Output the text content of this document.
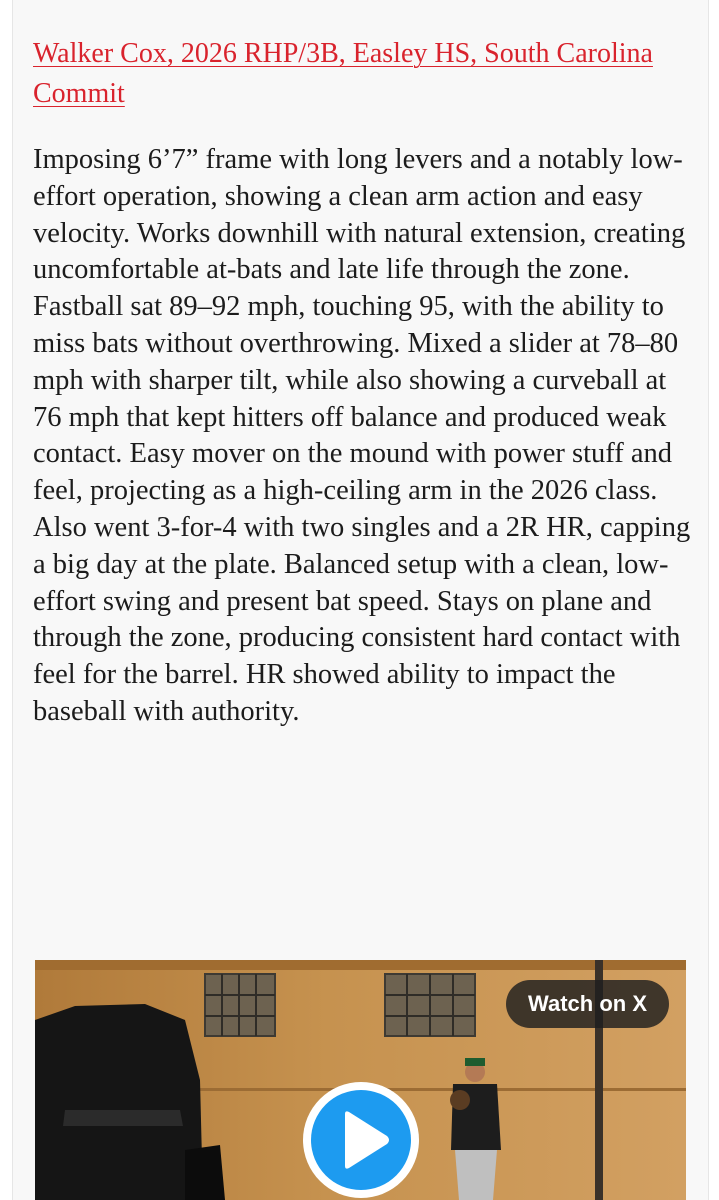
Walker Cox, 2026 RHP/3B, Easley HS, South Carolina Commit

Imposing 6’7” frame with long levers and a notably low-effort operation, showing a clean arm action and easy velocity. Works downhill with natural extension, creating uncomfortable at-bats and late life through the zone. Fastball sat 89–92 mph, touching 95, with the ability to miss bats without overthrowing. Mixed a slider at 78–80 mph with sharper tilt, while also showing a curveball at 76 mph that kept hitters off balance and produced weak contact. Easy mover on the mound with power stuff and feel, projecting as a high-ceiling arm in the 2026 class. Also went 3-for-4 with two singles and a 2R HR, capping a big day at the plate. Balanced setup with a clean, low-effort swing and present bat speed. Stays on plane and through the zone, producing consistent hard contact with feel for the barrel. HR showed ability to impact the baseball with authority.

Watch on X
